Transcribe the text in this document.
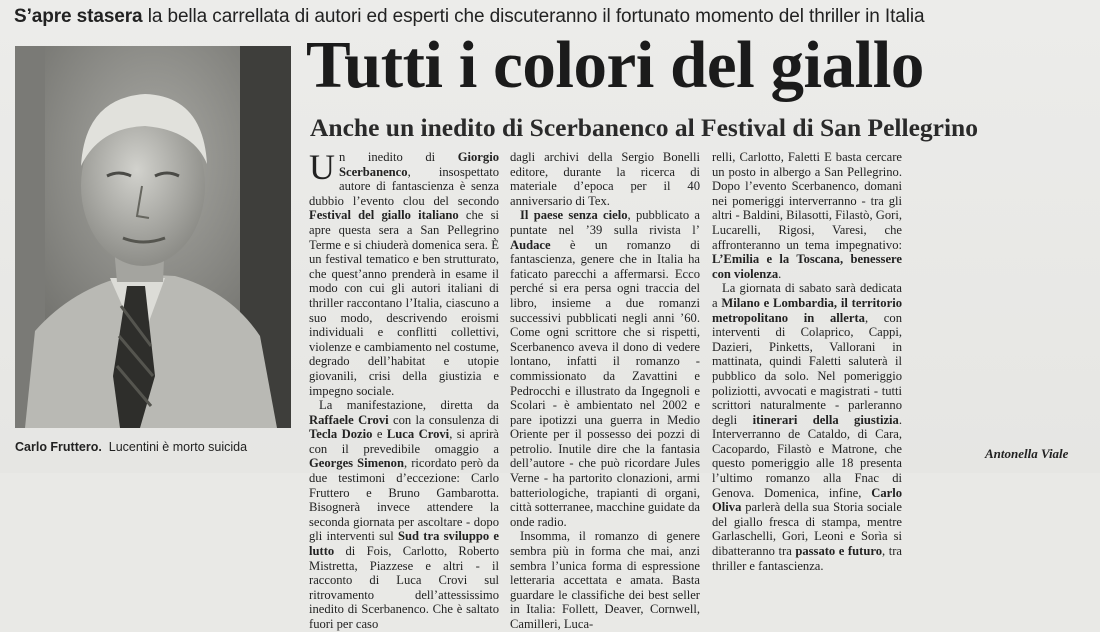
S’apre stasera la bella carrellata di autori ed esperti che discuteranno il fortunato momento del thriller in Italia
Carlo Fruttero. Lucentini è morto suicida
Tutti i colori del giallo
Anche un inedito di Scerbanenco al Festival di San Pellegrino

Un inedito di Giorgio Scerbanenco, insospettato autore di fantascienza è senza dubbio l’evento clou del secondo Festival del giallo italiano che si apre questa sera a San Pellegrino Terme e si chiuderà domenica sera. È un festival tematico e ben strutturato, che quest’anno prenderà in esame il modo con cui gli autori italiani di thriller raccontano l’Italia, ciascuno a suo modo, descrivendo eroismi individuali e conflitti collettivi, violenze e cambiamento nel costume, degrado dell’habitat e utopie giovanili, crisi della giustizia e impegno sociale.

La manifestazione, diretta da Raffaele Crovi con la consulenza di Tecla Dozio e Luca Crovi, si aprirà con il prevedibile omaggio a Georges Simenon, ricordato però da due testimoni d’eccezione: Carlo Fruttero e Bruno Gambarotta. Bisognerà invece attendere la seconda giornata per ascoltare - dopo gli interventi sul Sud tra sviluppo e lutto di Fois, Carlotto, Roberto Mistretta, Piazzese e altri - il racconto di Luca Crovi sul ritrovamento dell’attessissimo inedito di Scerbanenco. Che è saltato fuori per caso

dagli archivi della Sergio Bonelli editore, durante la ricerca di materiale d’epoca per il 40 anniversario di Tex.

Il paese senza cielo, pubblicato a puntate nel ’39 sulla rivista l’ Audace è un romanzo di fantascienza, genere che in Italia ha faticato parecchi a affermarsi. Ecco perché si era persa ogni traccia del libro, insieme a due romanzi successivi pubblicati negli anni ’60. Come ogni scrittore che si rispetti, Scerbanenco aveva il dono di vedere lontano, infatti il romanzo - commissionato da Zavattini e Pedrocchi e illustrato da Ingegnoli e Scolari - è ambientato nel 2002 e pare ipotizzi una guerra in Medio Oriente per il possesso dei pozzi di petrolio. Inutile dire che la fantasia dell’autore - che può ricordare Jules Verne - ha partorito clonazioni, armi batteriologiche, trapianti di organi, città sotterranee, macchine guidate da onde radio.

Insomma, il romanzo di genere sembra più in forma che mai, anzi sembra l’unica forma di espressione letteraria accettata e amata. Basta guardare le classifiche dei best seller in Italia: Follett, Deaver, Cornwell, Camilleri, Luca-

relli, Carlotto, Faletti E basta cercare un posto in albergo a San Pellegrino. Dopo l’evento Scerbanenco, domani nei pomeriggi interverranno - tra gli altri - Baldini, Bilasotti, Filastò, Gori, Lucarelli, Rigosi, Varesi, che affronteranno un tema impegnativo: L’Emilia e la Toscana, benessere con violenza.

La giornata di sabato sarà dedicata a Milano e Lombardia, il territorio metropolitano in allerta, con interventi di Colaprico, Cappi, Dazieri, Pinketts, Vallorani in mattinata, quindi Faletti saluterà il pubblico da solo. Nel pomeriggio poliziotti, avvocati e magistrati - tutti scrittori naturalmente - parleranno degli itinerari della giustizia. Interverranno de Cataldo, di Cara, Cacopardo, Filastò e Matrone, che questo pomeriggio alle 18 presenta l’ultimo romanzo alla Fnac di Genova. Domenica, infine, Carlo Oliva parlerà della sua Storia sociale del giallo fresca di stampa, mentre Garlaschelli, Gori, Leoni e Sorìa si dibatteranno tra passato e futuro, tra thriller e fantascienza.

Antonella Viale
